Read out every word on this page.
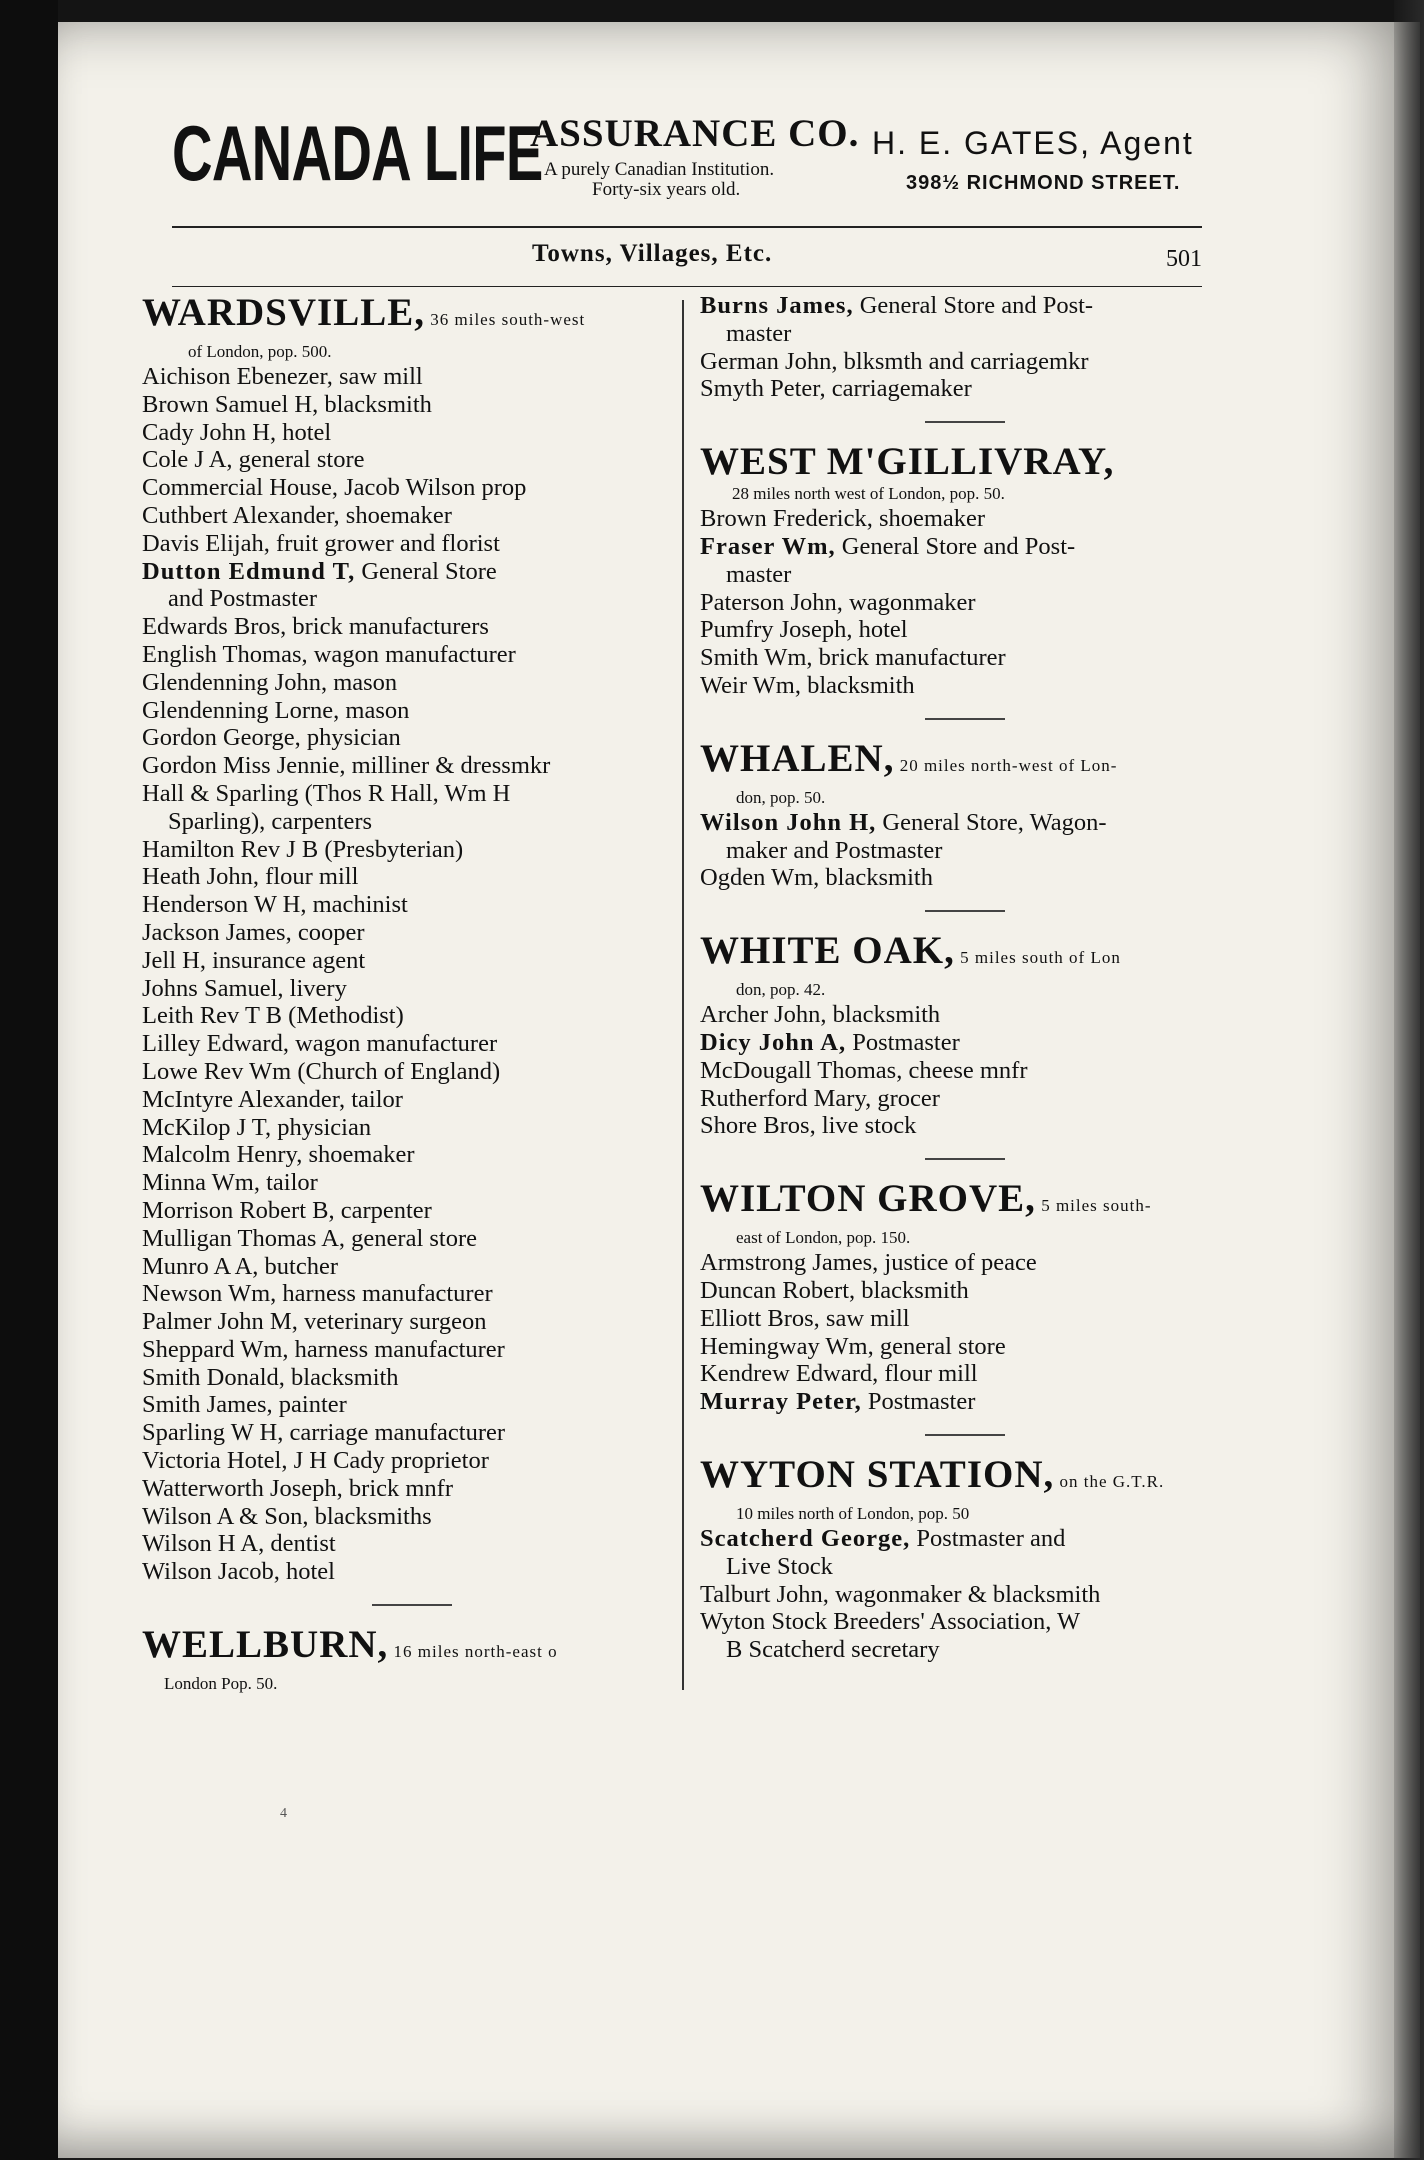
CANADA LIFE
ASSURANCE CO.
A purely Canadian Institution.
Forty-six years old.
H. E. GATES, Agent
398½ RICHMOND STREET.
Towns, Villages, Etc.	501
WARDSVILLE, 36 miles south-west
of London, pop. 500.
Aichison Ebenezer, saw mill
Brown Samuel H, blacksmith
Cady John H, hotel
Cole J A, general store
Commercial House, Jacob Wilson prop
Cuthbert Alexander, shoemaker
Davis Elijah, fruit grower and florist
Dutton Edmund T, General Store
and Postmaster
Edwards Bros, brick manufacturers
English Thomas, wagon manufacturer
Glendenning John, mason
Glendenning Lorne, mason
Gordon George, physician
Gordon Miss Jennie, milliner & dressmkr
Hall & Sparling (Thos R Hall, Wm H
Sparling), carpenters
Hamilton Rev J B (Presbyterian)
Heath John, flour mill
Henderson W H, machinist
Jackson James, cooper
Jell H, insurance agent
Johns Samuel, livery
Leith Rev T B (Methodist)
Lilley Edward, wagon manufacturer
Lowe Rev Wm (Church of England)
McIntyre Alexander, tailor
McKilop J T, physician
Malcolm Henry, shoemaker
Minna Wm, tailor
Morrison Robert B, carpenter
Mulligan Thomas A, general store
Munro A A, butcher
Newson Wm, harness manufacturer
Palmer John M, veterinary surgeon
Sheppard Wm, harness manufacturer
Smith Donald, blacksmith
Smith James, painter
Sparling W H, carriage manufacturer
Victoria Hotel, J H Cady proprietor
Watterworth Joseph, brick mnfr
Wilson A & Son, blacksmiths
Wilson H A, dentist
Wilson Jacob, hotel
WELLBURN, 16 miles north-east o
London Pop. 50.
Burns James, General Store and Post-
master
German John, blksmth and carriagemkr
Smyth Peter, carriagemaker
WEST M'GILLIVRAY,
28 miles north west of London, pop. 50.
Brown Frederick, shoemaker
Fraser Wm, General Store and Post-
master
Paterson John, wagonmaker
Pumfry Joseph, hotel
Smith Wm, brick manufacturer
Weir Wm, blacksmith
WHALEN, 20 miles north-west of Lon-
don, pop. 50.
Wilson John H, General Store, Wagon-
maker and Postmaster
Ogden Wm, blacksmith
WHITE OAK, 5 miles south of Lon
don, pop. 42.
Archer John, blacksmith
Dicy John A, Postmaster
McDougall Thomas, cheese mnfr
Rutherford Mary, grocer
Shore Bros, live stock
WILTON GROVE, 5 miles south-
east of London, pop. 150.
Armstrong James, justice of peace
Duncan Robert, blacksmith
Elliott Bros, saw mill
Hemingway Wm, general store
Kendrew Edward, flour mill
Murray Peter, Postmaster
WYTON STATION, on the G.T.R.
10 miles north of London, pop. 50
Scatcherd George, Postmaster and
Live Stock
Talburt John, wagonmaker & blacksmith
Wyton Stock Breeders' Association, W
B Scatcherd secretary
4
